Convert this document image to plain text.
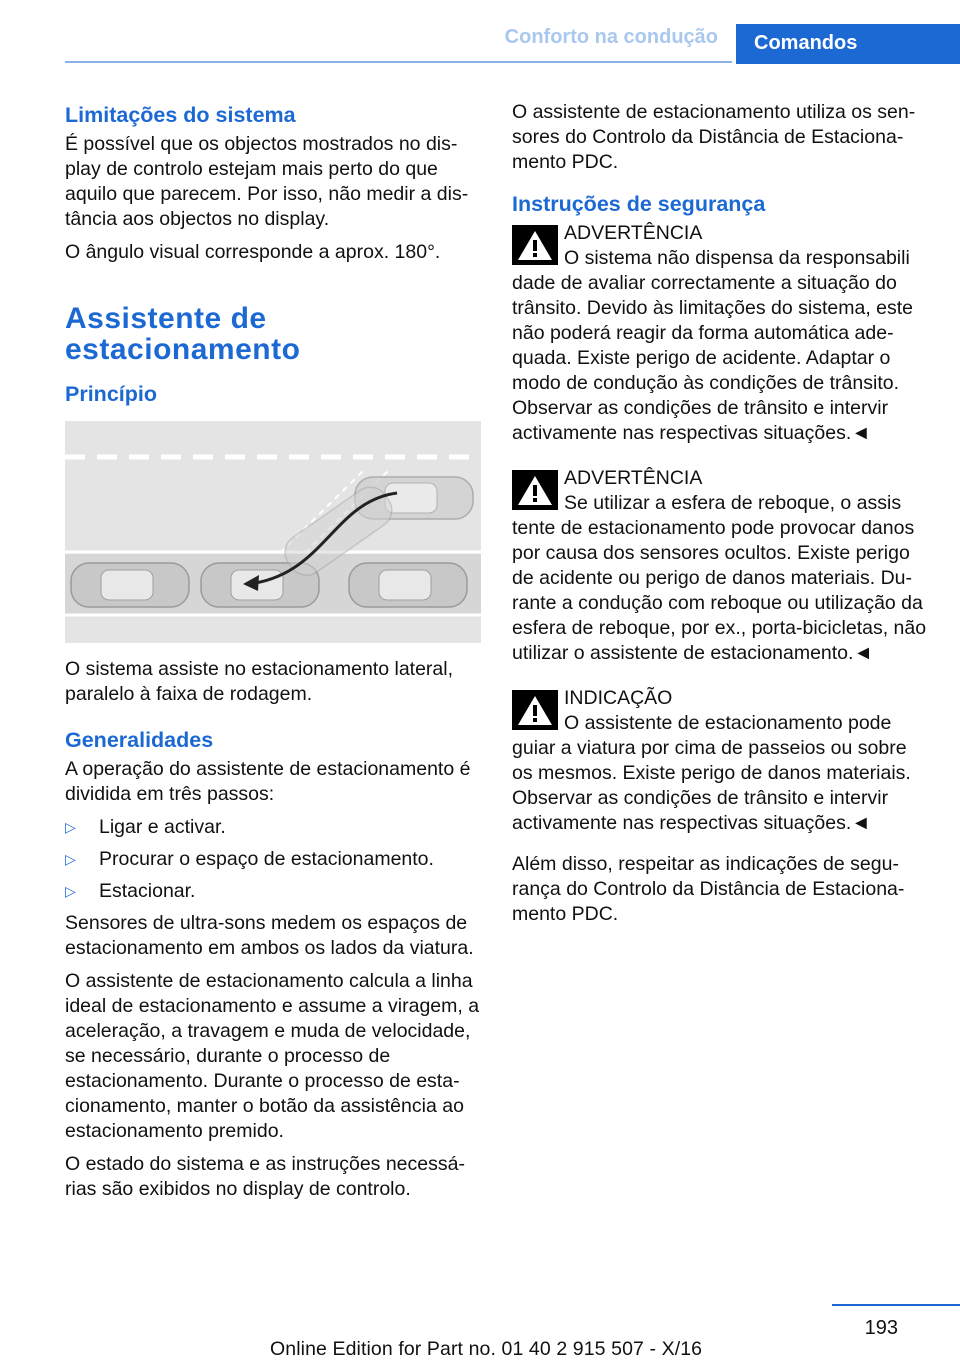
Conforto na condução	Comandos
Limitações do sistema

É possível que os objectos mostrados no display de controlo estejam mais perto do que aquilo que parecem. Por isso, não medir a distância aos objectos no display.

O ângulo visual corresponde a aprox. 180°.

Assistente de estacionamento
Princípio

O sistema assiste no estacionamento lateral, paralelo à faixa de rodagem.

Generalidades

A operação do assistente de estacionamento é dividida em três passos:

▷ Ligar e activar.
▷ Procurar o espaço de estacionamento.
▷ Estacionar.

Sensores de ultra-sons medem os espaços de estacionamento em ambos os lados da viatura.

O assistente de estacionamento calcula a linha ideal de estacionamento e assume a viragem, a aceleração, a travagem e muda de velocidade, se necessário, durante o processo de estacionamento. Durante o processo de estacionamento, manter o botão da assistência ao estacionamento premido.

O estado do sistema e as instruções necessárias são exibidos no display de controlo.

O assistente de estacionamento utiliza os sensores do Controlo da Distância de Estacionamento PDC.

Instruções de segurança
ADVERTÊNCIA
O sistema não dispensa da responsabili
dade de avaliar correctamente a situação do trânsito. Devido às limitações do sistema, este não poderá reagir da forma automática adequada. Existe perigo de acidente. Adaptar o modo de condução às condições de trânsito. Observar as condições de trânsito e intervir activamente nas respectivas situações.◄
ADVERTÊNCIA
Se utilizar a esfera de reboque, o assis
tente de estacionamento pode provocar danos por causa dos sensores ocultos. Existe perigo de acidente ou perigo de danos materiais. Durante a condução com reboque ou utilização da esfera de reboque, por ex., porta-bicicletas, não utilizar o assistente de estacionamento.◄
INDICAÇÃO
O assistente de estacionamento pode
guiar a viatura por cima de passeios ou sobre os mesmos. Existe perigo de danos materiais. Observar as condições de trânsito e intervir activamente nas respectivas situações.◄

Além disso, respeitar as indicações de segurança do Controlo da Distância de Estacionamento PDC.

193
Online Edition for Part no. 01 40 2 915 507 - X/16
